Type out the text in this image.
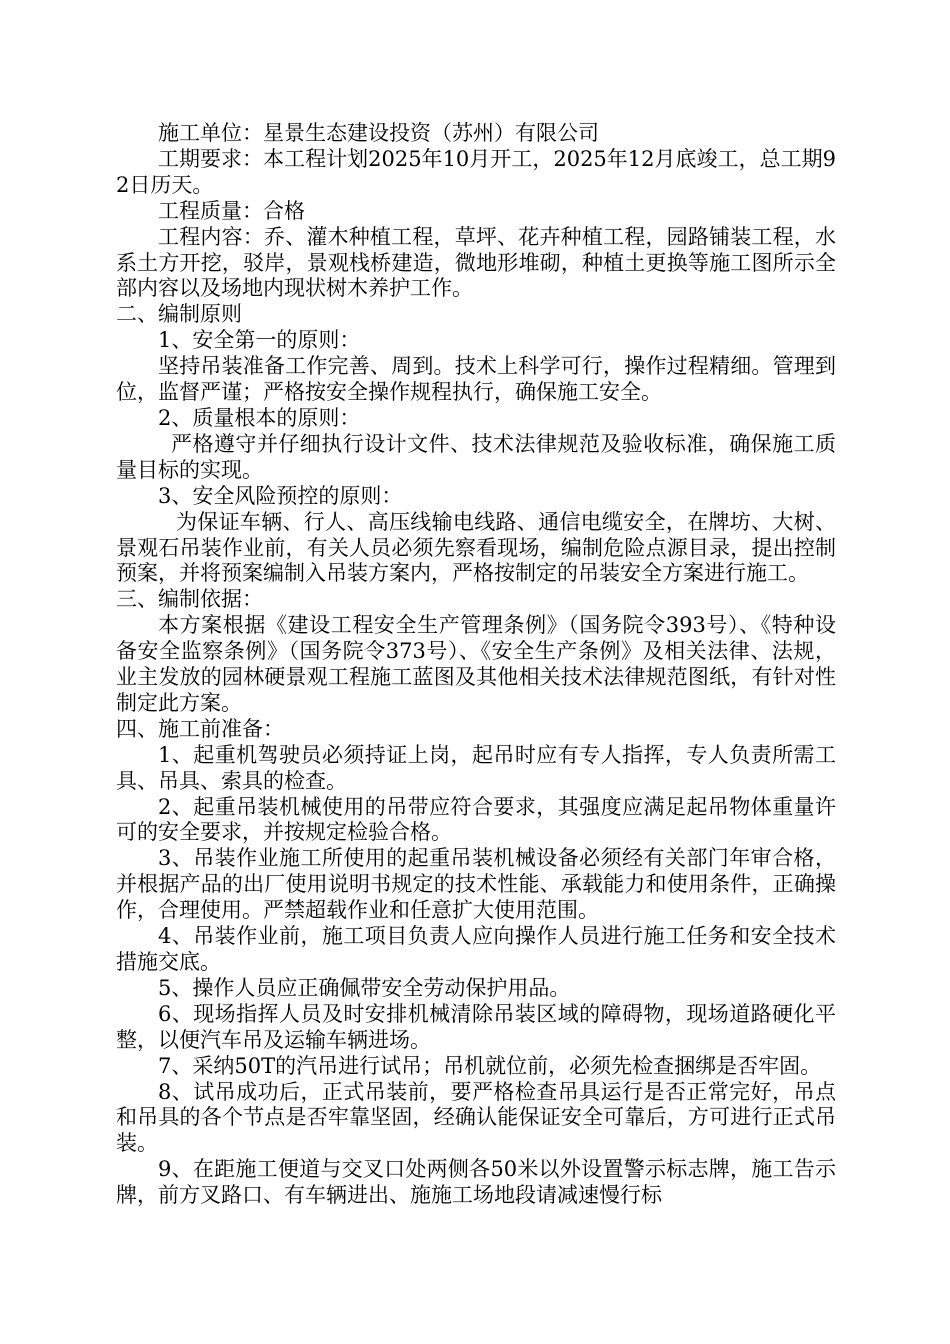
施工单位：星景生态建设投资（苏州）有限公司

工期要求：本工程计划2025年10月开工，2025年12月底竣工，总工期92日历天。

工程质量：合格

工程内容：乔、灌木种植工程，草坪、花卉种植工程，园路铺装工程，水系土方开挖，驳岸，景观栈桥建造，微地形堆砌，种植土更换等施工图所示全部内容以及场地内现状树木养护工作。

二、编制原则

1、安全第一的原则：

坚持吊装准备工作完善、周到。技术上科学可行，操作过程精细。管理到位，监督严谨；严格按安全操作规程执行，确保施工安全。

2、质量根本的原则：

严格遵守并仔细执行设计文件、技术法律规范及验收标准，确保施工质量目标的实现。

3、安全风险预控的原则：

为保证车辆、行人、高压线输电线路、通信电缆安全，在牌坊、大树、景观石吊装作业前，有关人员必须先察看现场，编制危险点源目录，提出控制预案，并将预案编制入吊装方案内，严格按制定的吊装安全方案进行施工。

三、编制依据：

本方案根据《建设工程安全生产管理条例》（国务院令393号）、《特种设备安全监察条例》（国务院令373号）、《安全生产条例》及相关法律、法规，业主发放的园林硬景观工程施工蓝图及其他相关技术法律规范图纸，有针对性制定此方案。

四、施工前准备：

1、起重机驾驶员必须持证上岗，起吊时应有专人指挥，专人负责所需工具、吊具、索具的检查。

2、起重吊装机械使用的吊带应符合要求，其强度应满足起吊物体重量许可的安全要求，并按规定检验合格。

3、吊装作业施工所使用的起重吊装机械设备必须经有关部门年审合格，并根据产品的出厂使用说明书规定的技术性能、承载能力和使用条件，正确操作，合理使用。严禁超载作业和任意扩大使用范围。

4、吊装作业前，施工项目负责人应向操作人员进行施工任务和安全技术措施交底。

5、操作人员应正确佩带安全劳动保护用品。

6、现场指挥人员及时安排机械清除吊装区域的障碍物，现场道路硬化平整，以便汽车吊及运输车辆进场。

7、采纳50T的汽吊进行试吊；吊机就位前，必须先检查捆绑是否牢固。

8、试吊成功后，正式吊装前，要严格检查吊具运行是否正常完好，吊点和吊具的各个节点是否牢靠坚固，经确认能保证安全可靠后，方可进行正式吊装。

9、在距施工便道与交叉口处两侧各50米以外设置警示标志牌，施工告示牌，前方叉路口、有车辆进出、施施工场地段请减速慢行标
